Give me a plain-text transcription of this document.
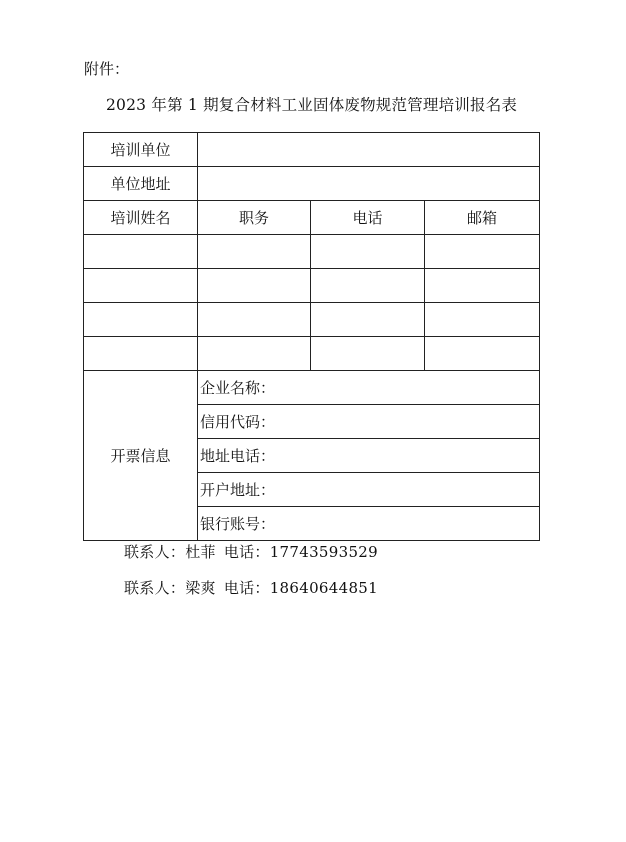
附件：
2023 年第 1 期复合材料工业固体废物规范管理培训报名表
培训单位			
单位地址			
培训姓名	职务	电话	邮箱

开票信息	企业名称：		
	信用代码：		
	地址电话：		
	开户地址：		
	银行账号：		
联系人：杜菲 电话：17743593529
联系人：梁爽 电话：18640644851
